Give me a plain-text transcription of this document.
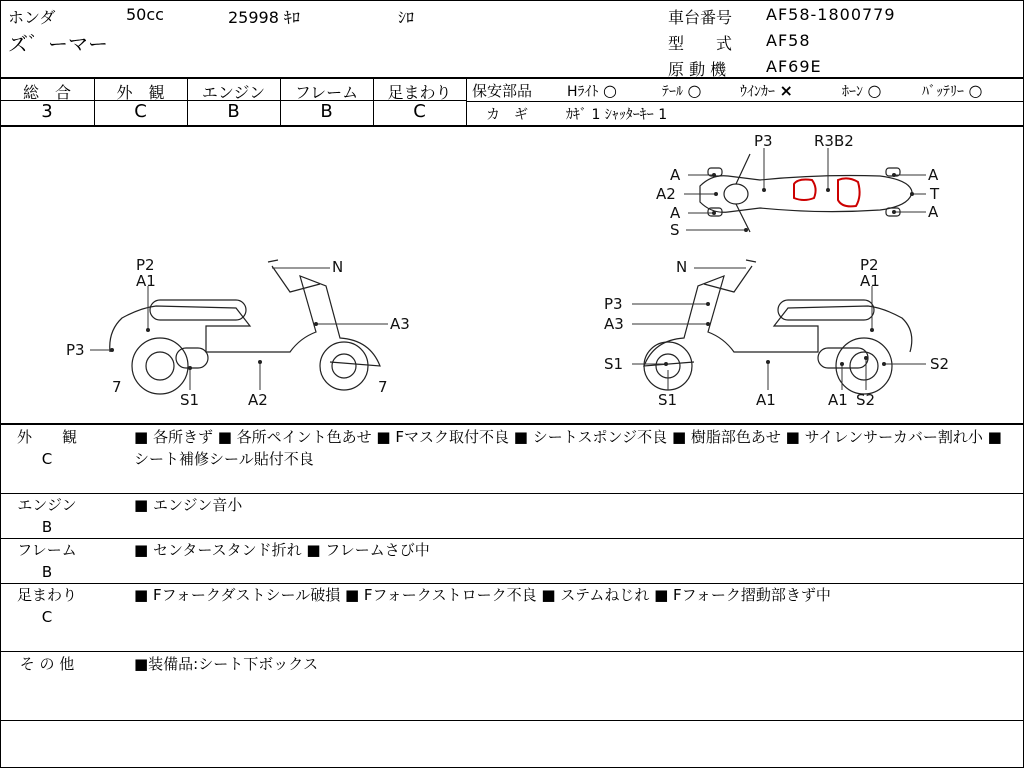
ホンダ	50cc	25998 ｷﾛ	ｼﾛ
ズ゛ーマー
車台番号 AF58-1800779
型　　式 AF58
原 動 機 AF69E
総　合	外　観	エンジン	フレーム	足まわり
3	C	B	B	C
保安部品 Hﾗｲﾄ ○	ﾃｰﾙ ○	ｳｲﾝｶｰ ×	ﾎｰﾝ ○	ﾊﾞｯﾃﾘｰ ○
カ　ギ	ｶｷﾞ 1 ｼｬｯﾀｰｷｰ 1
P3	R3B2
A
A2
A
S
A
T
A
P2
A1
N
A3
P3
7
S1	A2
7
N	P2
A1
P3
A3
S1
S1	A1	A1 S2
S2
外　　観
C
■ 各所きず ■ 各所ペイント色あせ ■ Fマスク取付不良 ■ シートスポンジ不良 ■ 樹脂部色あせ ■ サイレンサーカバー割れ小 ■ シート補修シール貼付不良
エンジン
B
■ エンジン音小
フレーム
B
■ センタースタンド折れ ■ フレームさび中
足まわり
C
■ Fフォークダストシール破損 ■ Fフォークストローク不良 ■ ステムねじれ ■ Fフォーク摺動部きず中
そ の 他	■装備品:シート下ボックス
